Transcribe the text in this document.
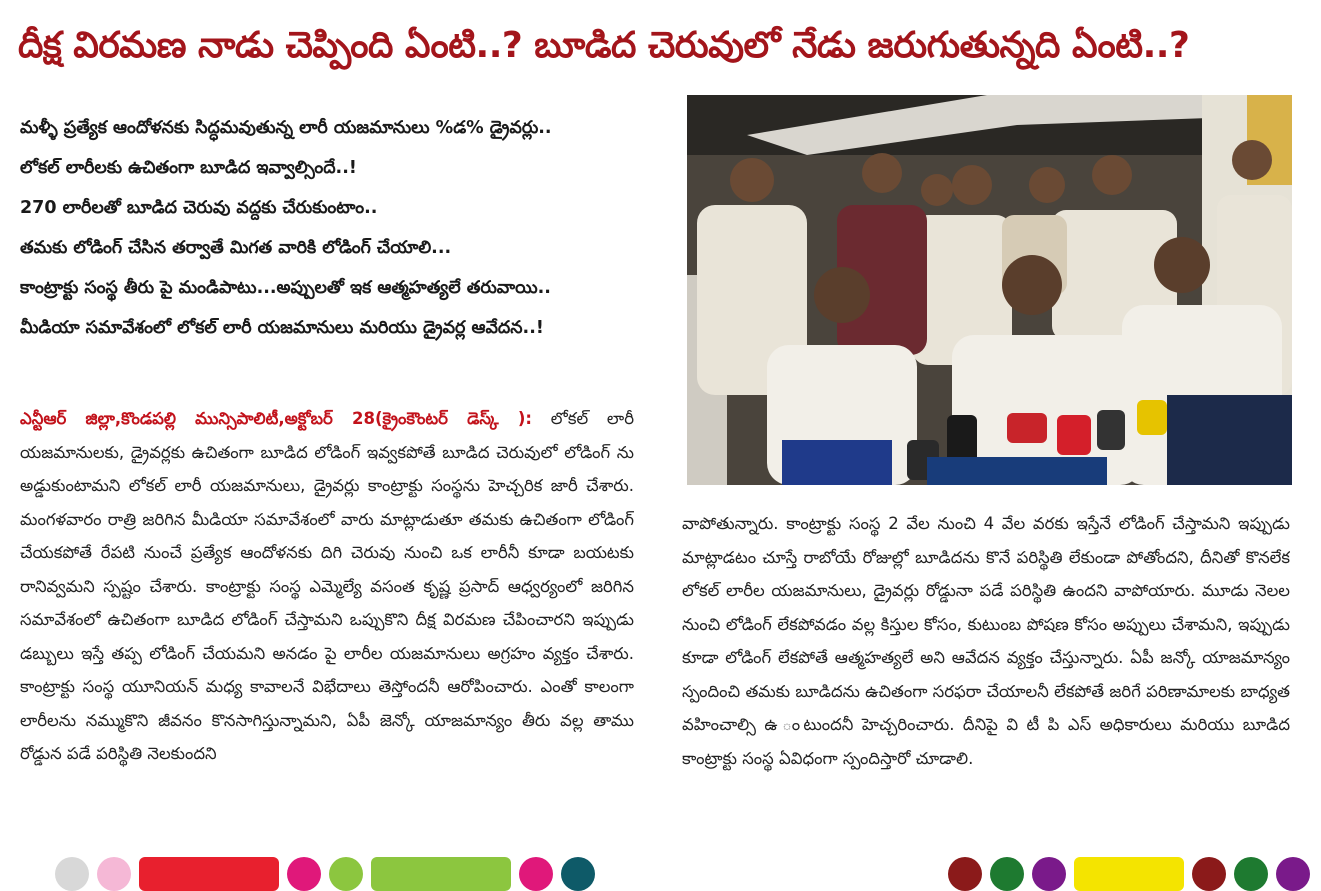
దీక్ష విరమణ నాడు చెప్పింది ఏంటి..? బూడిద చెరువులో నేడు జరుగుతున్నది ఏంటి..?
మళ్ళీ ప్రత్యేక ఆందోళనకు సిద్ధమవుతున్న లారీ యజమానులు %డ% డ్రైవర్లు..
లోకల్ లారీలకు ఉచితంగా బూడిద ఇవ్వాల్సిందే..!
270 లారీలతో బూడిద చెరువు వద్దకు చేరుకుంటాం..
తమకు లోడింగ్ చేసిన తర్వాతే మిగత వారికి లోడింగ్ చేయాలి...
కాంట్రాక్టు సంస్థ తీరు పై మండిపాటు...అప్పులతో ఇక ఆత్మహత్యలే తరువాయి..
మీడియా సమావేశంలో లోకల్ లారీ యజమానులు మరియు డ్రైవర్ల ఆవేదన..!
ఎన్టీఆర్ జిల్లా,కొండపల్లి మున్సిపాలిటీ,అక్టోబర్ 28(క్రైంకౌంటర్ డెస్క్ ): లోకల్ లారీ యజమానులకు, డ్రైవర్లకు ఉచితంగా బూడిద లోడింగ్ ఇవ్వకపోతే బూడిద చెరువులో లోడింగ్ ను అడ్డుకుంటామని లోకల్ లారీ యజమానులు, డ్రైవర్లు కాంట్రాక్టు సంస్థను హెచ్చరిక జారీ చేశారు. మంగళవారం రాత్రి జరిగిన మీడియా సమావేశంలో వారు మాట్లాడుతూ తమకు ఉచితంగా లోడింగ్ చేయకపోతే రేపటి నుంచే ప్రత్యేక ఆందోళనకు దిగి చెరువు నుంచి ఒక లారీనీ కూడా బయటకు రానివ్వమని స్పష్టం చేశారు. కాంట్రాక్టు సంస్థ ఎమ్మెల్యే వసంత కృష్ణ ప్రసాద్ ఆధ్వర్యంలో జరిగిన సమావేశంలో ఉచితంగా బూడిద లోడింగ్ చేస్తామని ఒప్పుకొని దీక్ష విరమణ చేపించారని ఇప్పుడు డబ్బులు ఇస్తే తప్ప లోడింగ్ చేయమని అనడం పై లారీల యజమానులు అగ్రహం వ్యక్తం చేశారు. కాంట్రాక్టు సంస్థ యూనియన్ మధ్య కావాలనే విభేదాలు తెస్తోందనీ ఆరోపించారు. ఎంతో కాలంగా లారీలను నమ్ముకొని జీవనం కొనసాగిస్తున్నామని, ఏపీ జెన్కో యాజమాన్యం తీరు వల్ల తాము రోడ్డున పడే పరిస్థితి నెలకుందని
వాపోతున్నారు. కాంట్రాక్టు సంస్థ 2 వేల నుంచి 4 వేల వరకు ఇస్తేనే లోడింగ్ చేస్తామని ఇప్పుడు మాట్లాడటం చూస్తే రాబోయే రోజుల్లో బూడిదను కొనే పరిస్థితి లేకుండా పోతోందని, దీనితో కొనలేక లోకల్ లారీల యజమానులు, డ్రైవర్లు రోడ్డునా పడే పరిస్థితి ఉందని వాపోయారు. మూడు నెలల నుంచి లోడింగ్ లేకపోవడం వల్ల కిస్తుల కోసం, కుటుంబ పోషణ కోసం అప్పులు చేశామని, ఇప్పుడు కూడా లోడింగ్ లేకపోతే ఆత్మహత్యలే అని ఆవేదన వ్యక్తం చేస్తున్నారు. ఏపీ జన్కో యాజమాన్యం స్పందించి తమకు బూడిదను ఉచితంగా సరఫరా చేయాలనీ లేకపోతే జరిగే పరిణామాలకు బాధ్యత వహించాల్సి ఉ ంటుందనీ హెచ్చరించారు. దీనిపై వి టీ పి ఎస్ అధికారులు మరియు బూడిద కాంట్రాక్టు సంస్థ ఏవిధంగా స్పందిస్తారో చూడాలి.
